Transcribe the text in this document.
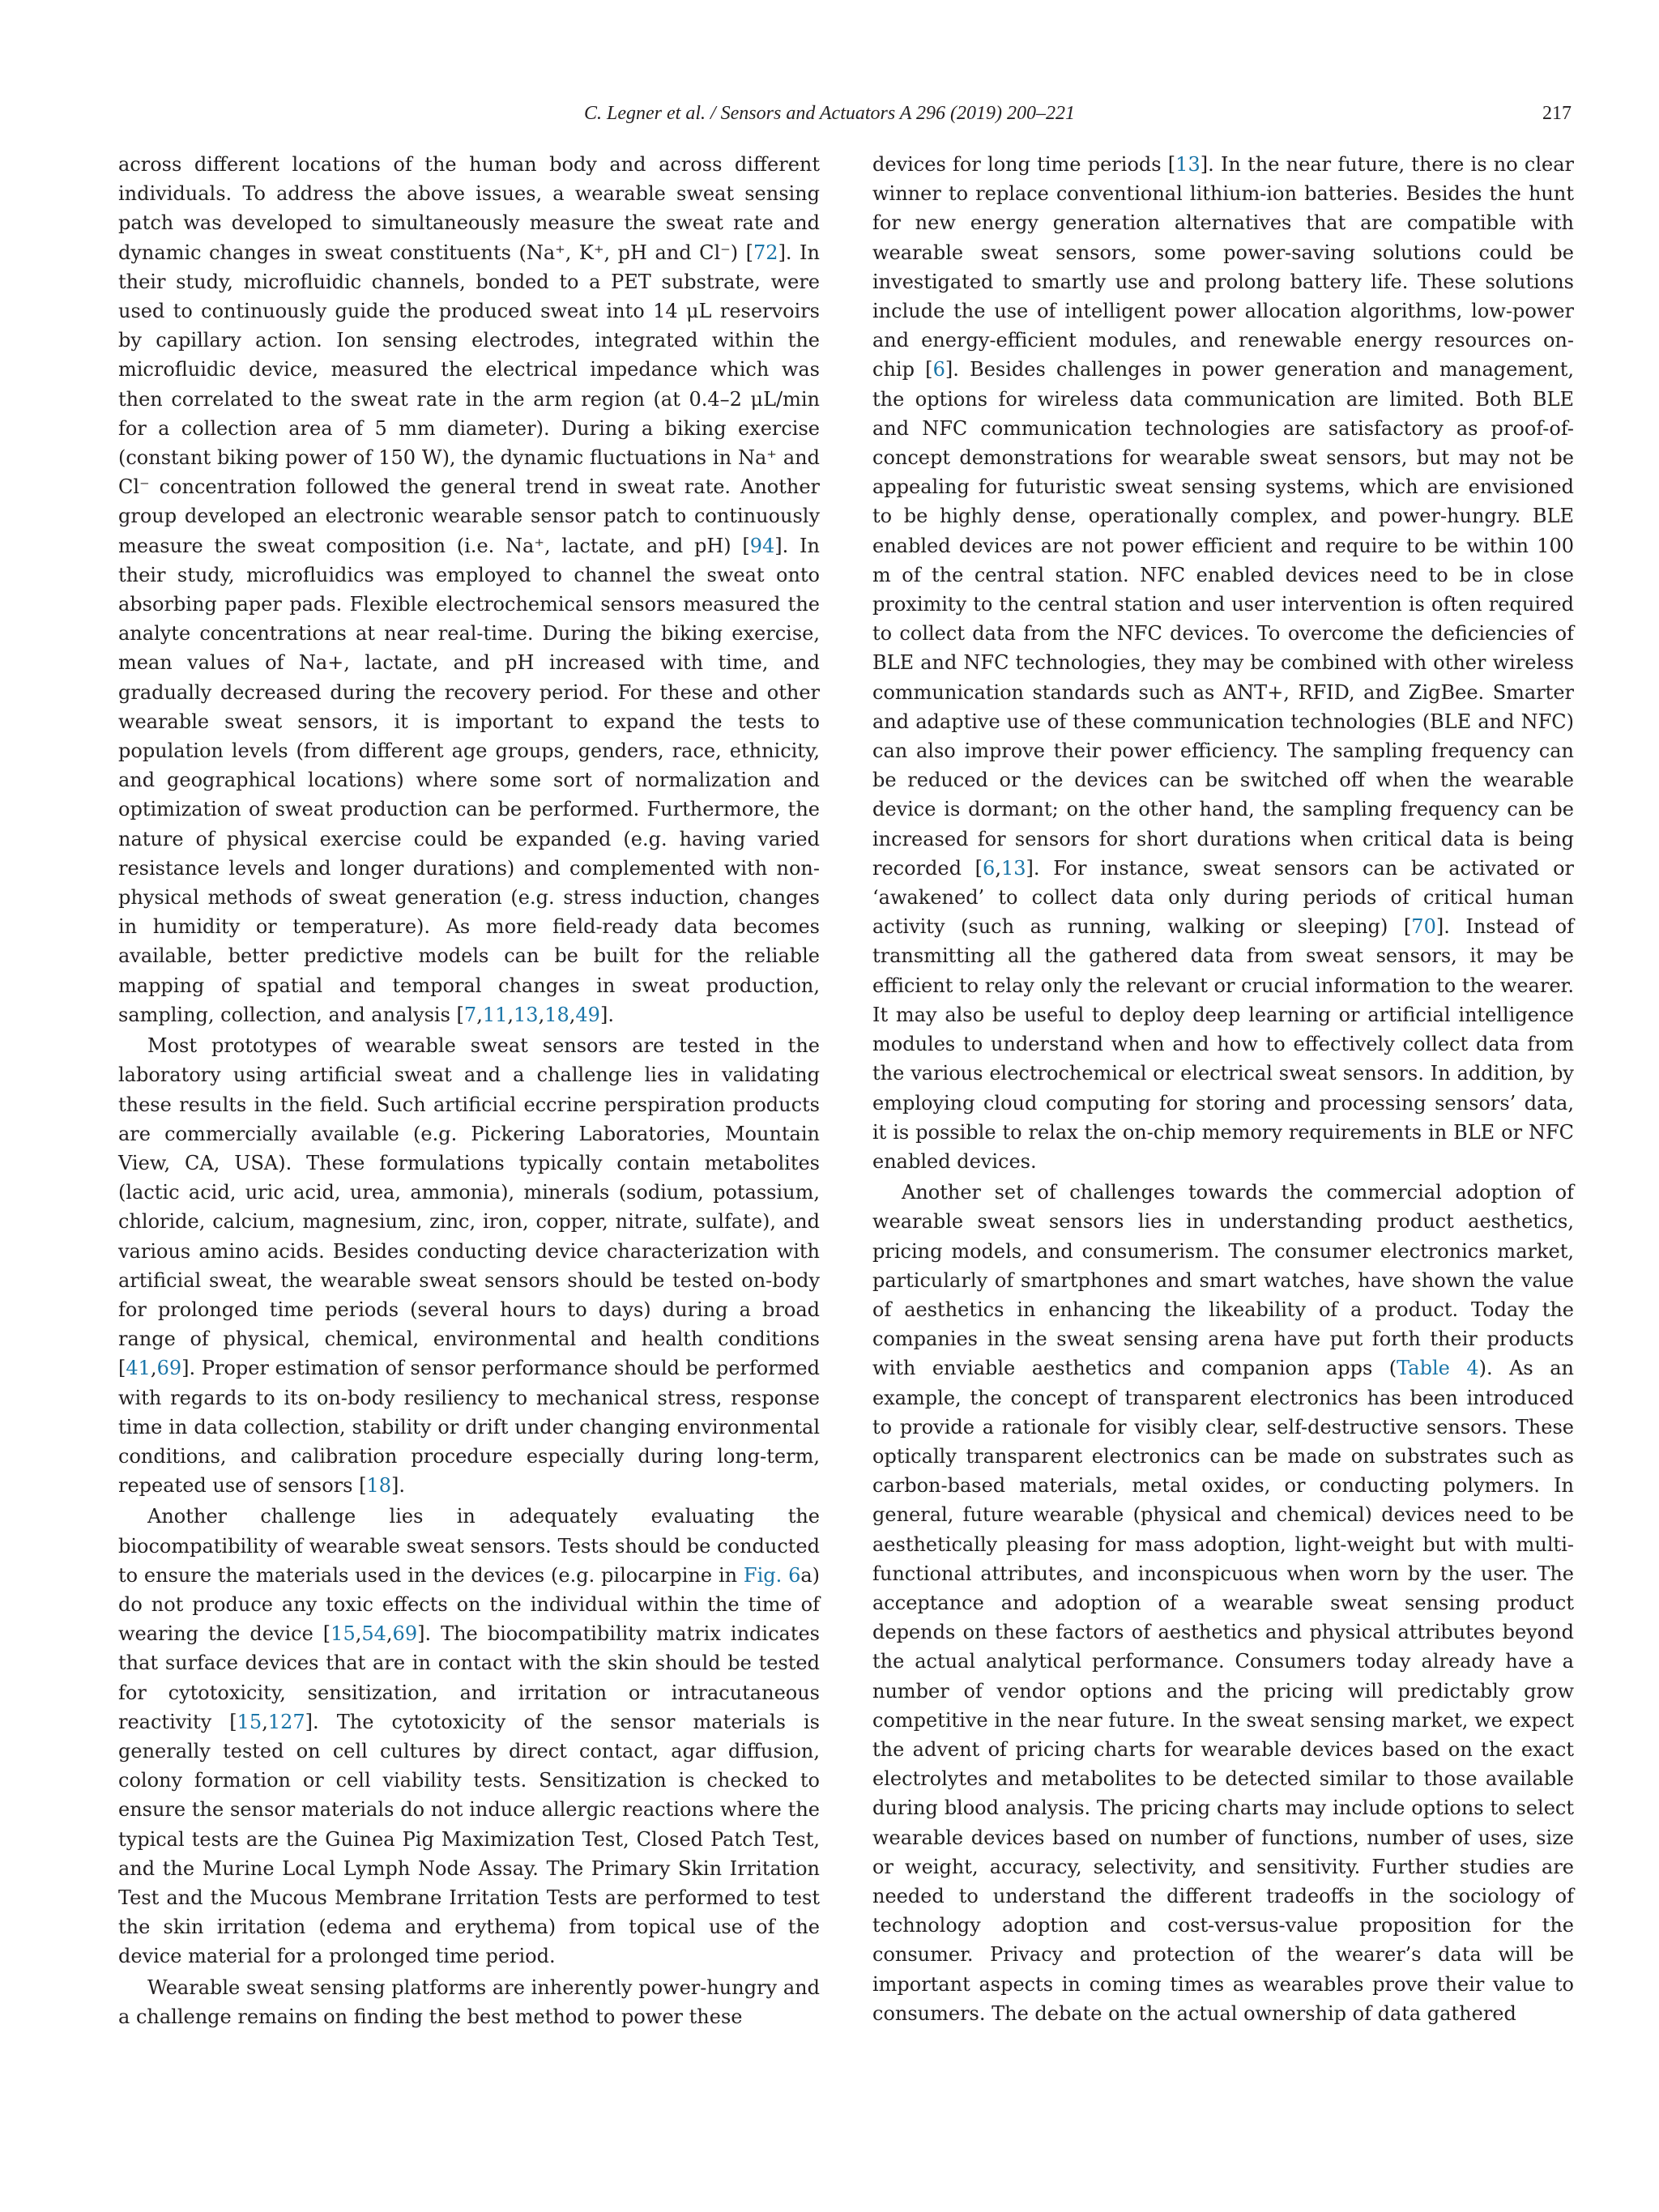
C. Legner et al. / Sensors and Actuators A 296 (2019) 200–221	217

across different locations of the human body and across different individuals. To address the above issues, a wearable sweat sensing patch was developed to simultaneously measure the sweat rate and dynamic changes in sweat constituents (Na⁺, K⁺, pH and Cl⁻) [72]. In their study, microfluidic channels, bonded to a PET substrate, were used to continuously guide the produced sweat into 14 μL reservoirs by capillary action. Ion sensing electrodes, integrated within the microfluidic device, measured the electrical impedance which was then correlated to the sweat rate in the arm region (at 0.4–2 μL/min for a collection area of 5 mm diameter). During a biking exercise (constant biking power of 150 W), the dynamic fluctuations in Na⁺ and Cl⁻ concentration followed the general trend in sweat rate. Another group developed an electronic wearable sensor patch to continuously measure the sweat composition (i.e. Na⁺, lactate, and pH) [94]. In their study, microfluidics was employed to channel the sweat onto absorbing paper pads. Flexible electrochemical sensors measured the analyte concentrations at near real-time. During the biking exercise, mean values of Na+, lactate, and pH increased with time, and gradually decreased during the recovery period. For these and other wearable sweat sensors, it is important to expand the tests to population levels (from different age groups, genders, race, ethnicity, and geographical locations) where some sort of normalization and optimization of sweat production can be performed. Furthermore, the nature of physical exercise could be expanded (e.g. having varied resistance levels and longer durations) and complemented with non-physical methods of sweat generation (e.g. stress induction, changes in humidity or temperature). As more field-ready data becomes available, better predictive models can be built for the reliable mapping of spatial and temporal changes in sweat production, sampling, collection, and analysis [7,11,13,18,49].

Most prototypes of wearable sweat sensors are tested in the laboratory using artificial sweat and a challenge lies in validating these results in the field. Such artificial eccrine perspiration products are commercially available (e.g. Pickering Laboratories, Mountain View, CA, USA). These formulations typically contain metabolites (lactic acid, uric acid, urea, ammonia), minerals (sodium, potassium, chloride, calcium, magnesium, zinc, iron, copper, nitrate, sulfate), and various amino acids. Besides conducting device characterization with artificial sweat, the wearable sweat sensors should be tested on-body for prolonged time periods (several hours to days) during a broad range of physical, chemical, environmental and health conditions [41,69]. Proper estimation of sensor performance should be performed with regards to its on-body resiliency to mechanical stress, response time in data collection, stability or drift under changing environmental conditions, and calibration procedure especially during long-term, repeated use of sensors [18].

Another challenge lies in adequately evaluating the biocompatibility of wearable sweat sensors. Tests should be conducted to ensure the materials used in the devices (e.g. pilocarpine in Fig. 6a) do not produce any toxic effects on the individual within the time of wearing the device [15,54,69]. The biocompatibility matrix indicates that surface devices that are in contact with the skin should be tested for cytotoxicity, sensitization, and irritation or intracutaneous reactivity [15,127]. The cytotoxicity of the sensor materials is generally tested on cell cultures by direct contact, agar diffusion, colony formation or cell viability tests. Sensitization is checked to ensure the sensor materials do not induce allergic reactions where the typical tests are the Guinea Pig Maximization Test, Closed Patch Test, and the Murine Local Lymph Node Assay. The Primary Skin Irritation Test and the Mucous Membrane Irritation Tests are performed to test the skin irritation (edema and erythema) from topical use of the device material for a prolonged time period.

Wearable sweat sensing platforms are inherently power-hungry and a challenge remains on finding the best method to power these

devices for long time periods [13]. In the near future, there is no clear winner to replace conventional lithium-ion batteries. Besides the hunt for new energy generation alternatives that are compatible with wearable sweat sensors, some power-saving solutions could be investigated to smartly use and prolong battery life. These solutions include the use of intelligent power allocation algorithms, low-power and energy-efficient modules, and renewable energy resources on-chip [6]. Besides challenges in power generation and management, the options for wireless data communication are limited. Both BLE and NFC communication technologies are satisfactory as proof-of-concept demonstrations for wearable sweat sensors, but may not be appealing for futuristic sweat sensing systems, which are envisioned to be highly dense, operationally complex, and power-hungry. BLE enabled devices are not power efficient and require to be within 100 m of the central station. NFC enabled devices need to be in close proximity to the central station and user intervention is often required to collect data from the NFC devices. To overcome the deficiencies of BLE and NFC technologies, they may be combined with other wireless communication standards such as ANT+, RFID, and ZigBee. Smarter and adaptive use of these communication technologies (BLE and NFC) can also improve their power efficiency. The sampling frequency can be reduced or the devices can be switched off when the wearable device is dormant; on the other hand, the sampling frequency can be increased for sensors for short durations when critical data is being recorded [6,13]. For instance, sweat sensors can be activated or ‘awakened’ to collect data only during periods of critical human activity (such as running, walking or sleeping) [70]. Instead of transmitting all the gathered data from sweat sensors, it may be efficient to relay only the relevant or crucial information to the wearer. It may also be useful to deploy deep learning or artificial intelligence modules to understand when and how to effectively collect data from the various electrochemical or electrical sweat sensors. In addition, by employing cloud computing for storing and processing sensors’ data, it is possible to relax the on-chip memory requirements in BLE or NFC enabled devices.

Another set of challenges towards the commercial adoption of wearable sweat sensors lies in understanding product aesthetics, pricing models, and consumerism. The consumer electronics market, particularly of smartphones and smart watches, have shown the value of aesthetics in enhancing the likeability of a product. Today the companies in the sweat sensing arena have put forth their products with enviable aesthetics and companion apps (Table 4). As an example, the concept of transparent electronics has been introduced to provide a rationale for visibly clear, self-destructive sensors. These optically transparent electronics can be made on substrates such as carbon-based materials, metal oxides, or conducting polymers. In general, future wearable (physical and chemical) devices need to be aesthetically pleasing for mass adoption, light-weight but with multi-functional attributes, and inconspicuous when worn by the user. The acceptance and adoption of a wearable sweat sensing product depends on these factors of aesthetics and physical attributes beyond the actual analytical performance. Consumers today already have a number of vendor options and the pricing will predictably grow competitive in the near future. In the sweat sensing market, we expect the advent of pricing charts for wearable devices based on the exact electrolytes and metabolites to be detected similar to those available during blood analysis. The pricing charts may include options to select wearable devices based on number of functions, number of uses, size or weight, accuracy, selectivity, and sensitivity. Further studies are needed to understand the different tradeoffs in the sociology of technology adoption and cost-versus-value proposition for the consumer. Privacy and protection of the wearer’s data will be important aspects in coming times as wearables prove their value to consumers. The debate on the actual ownership of data gathered
